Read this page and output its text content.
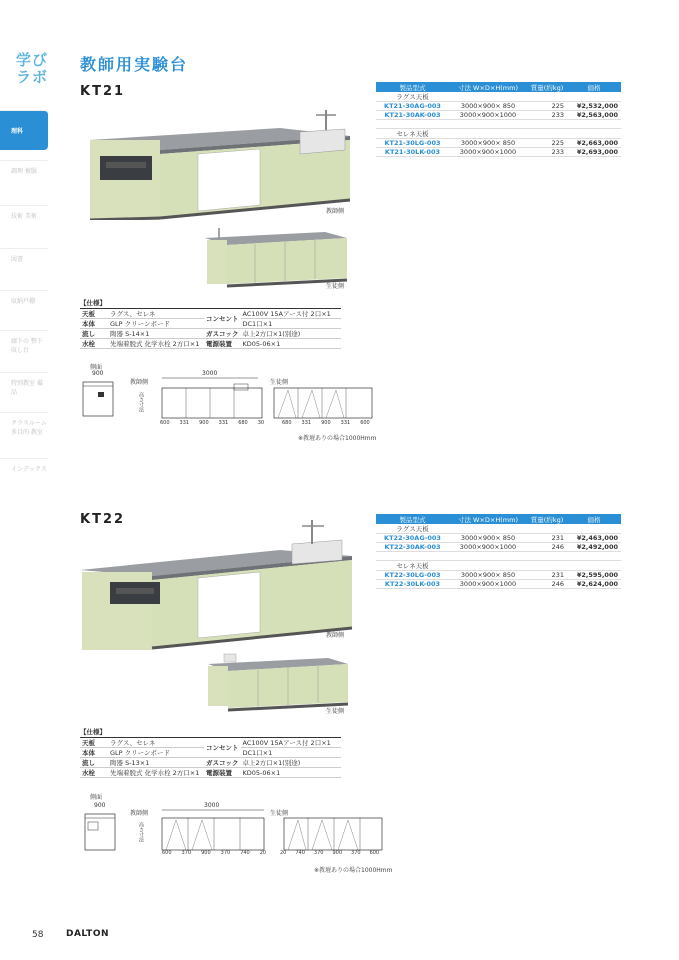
学び ラボ
理科
調理 被服
技術 美術
図書
収納戸棚
廊下の 整下収し台
特別教室 備品
クラスルーム 多目的 教室
インデックス
教師用実験台
KT21
教師側
生徒側
製品型式	寸法 W×D×H(mm)	質量(約kg)	価格
ラグス天板			
KT21-30AG-003	3000×900× 850	225	¥2,532,000
KT21-30AK-003	3000×900×1000	233	¥2,563,000

セレネ天板			
KT21-30LG-003	3000×900× 850	225	¥2,663,000
KT21-30LK-003	3000×900×1000	233	¥2,693,000
【仕様】
天板	ラグス、セレネ	コンセント	AC100V 15Aアース付 2口×1
本体	GLP クリーンボード		DC1口×1
流し	陶器 S-14×1	ガスコック	卓上2方口×1(別途)
水栓	先端着脱式 化学水栓 2方口×1	電源装置	KD05-06×1
側面
900
教師側
3000
生徒側
高さ寸法
600 331 900 331 680 30	680 331 900 331 600
※教壇ありの場合1000Hmm
KT22
教師側
生徒側
製品型式	寸法 W×D×H(mm)	質量(約kg)	価格
ラグス天板			
KT22-30AG-003	3000×900× 850	231	¥2,463,000
KT22-30AK-003	3000×900×1000	246	¥2,492,000

セレネ天板			
KT22-30LG-003	3000×900× 850	231	¥2,595,000
KT22-30LK-003	3000×900×1000	246	¥2,624,000
【仕様】
天板	ラグス、セレネ	コンセント	AC100V 15Aアース付 2口×1
本体	GLP クリーンボード		DC1口×1
流し	陶器 S-13×1	ガスコック	卓上2方口×1(別途)
水栓	先端着脱式 化学水栓 2方口×1	電源装置	KD05-06×1
側面
900
教師側
3000
生徒側
高さ寸法
600 370 900 370 740 20	20 740 370 900 370 600
※教壇ありの場合1000Hmm
58	DALTON
